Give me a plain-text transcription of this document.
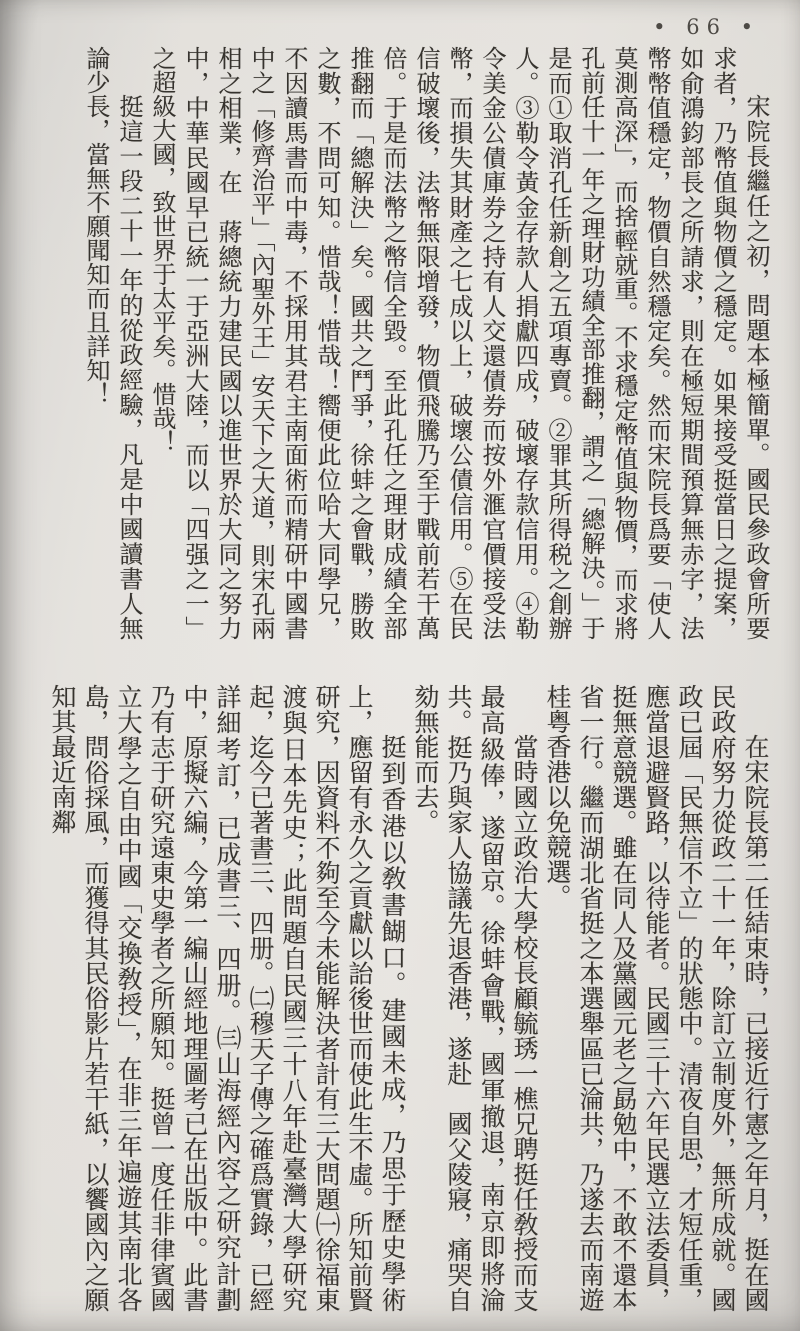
• 66 •

宋院長繼任之初，問題本極簡單。國民參政會所要求者，乃幣值與物價之穩定。如果接受挺當日之提案，如俞鴻鈞部長之所請求，則在極短期間預算無赤字，法幣幣值穩定，物價自然穩定矣。然而宋院長爲要「使人莫測高深」，而捨輕就重。不求穩定幣值與物價，而求將孔前任十一年之理財功績全部推翻，謂之「總解決。」于是而①取消孔任新創之五項專賣。②罪其所得税之創辦人。③勒令黃金存款人捐獻四成，破壞存款信用。④勒令美金公債庫券之持有人交還債券而按外滙官價接受法幣，而損失其財產之七成以上，破壞公債信用。⑤在民信破壞後，法幣無限增發，物價飛騰乃至于戰前若干萬倍。于是而法幣之幣信全毀。至此孔任之理財成績全部推翻而「總解決」矣。國共之鬥爭，徐蚌之會戰，勝敗之數，不問可知。惜哉！惜哉！嚮便此位哈大同學兄，不因讀馬書而中毒，不採用其君主南面術而精研中國書中之「修齊治平」「內聖外王」安天下之大道，則宋孔兩相之相業，在　蔣總統力建民國以進世界於大同之努力中，中華民國早已統一于亞洲大陸，而以「四强之一」之超級大國，致世界于太平矣。惜哉！

挺這一段二十一年的從政經驗，凡是中國讀書人無論少長，當無不願聞知而且詳知！

在宋院長第二任結束時，已接近行憲之年月，挺在國民政府努力從政二十一年，除訂立制度外，無所成就。國政已屆「民無信不立」的狀態中。清夜自思，才短任重，應當退避賢路，以待能者。民國三十六年民選立法委員，挺無意競選。雖在同人及黨國元老之勗勉中，不敢不還本省一行。繼而湖北省挺之本選舉區已淪共，乃遂去而南遊桂粤香港以免競選。

當時國立政治大學校長顧毓琇一樵兄聘挺任敎授而支最高級俸，遂留京。徐蚌會戰，國軍撤退，南京即將淪共。挺乃與家人協議先退香港，遂赴　國父陵寢，痛哭自劾無能而去。

挺到香港以敎書餬口。建國未成，乃思于歷史學術上，應留有永久之貢獻以詒後世而使此生不虛。所知前賢研究，因資料不夠至今未能解決者計有三大問題㈠徐福東渡與日本先史；此問題自民國三十八年赴臺灣大學研究起，迄今已著書三、四册。㈡穆天子傳之確爲實錄，已經詳細考訂，已成書三、四册。㈢山海經內容之研究計劃中，原擬六編，今第一編山經地理圖考已在出版中。此書乃有志于研究遠東史學者之所願知。挺曾一度任非律賓國立大學之自由中國「交換敎授」，在非三年遍遊其南北各島，問俗採風，而獲得其民俗影片若干紙，以饗國內之願知其最近南鄰
